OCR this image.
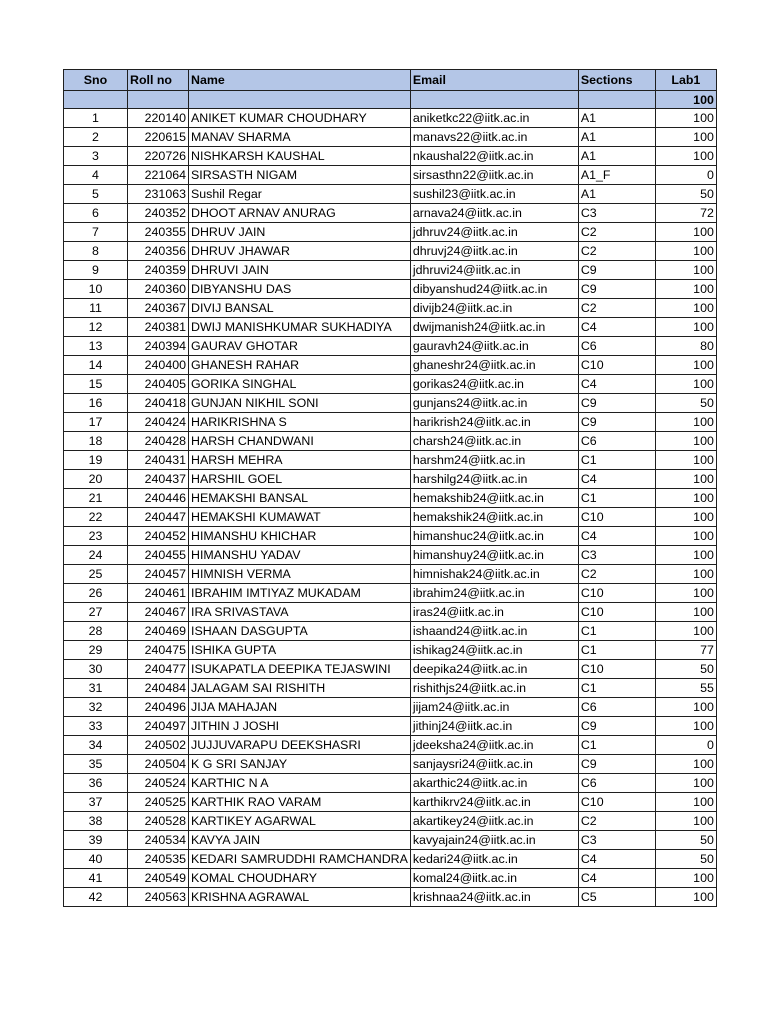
Sno	Roll no	Name	Email	Sections	Lab1
					100
1	220140	ANIKET KUMAR CHOUDHARY	aniketkc22@iitk.ac.in	A1	100
2	220615	MANAV SHARMA	manavs22@iitk.ac.in	A1	100
3	220726	NISHKARSH KAUSHAL	nkaushal22@iitk.ac.in	A1	100
4	221064	SIRSASTH NIGAM	sirsasthn22@iitk.ac.in	A1_F	0
5	231063	Sushil Regar	sushil23@iitk.ac.in	A1	50
6	240352	DHOOT ARNAV ANURAG	arnava24@iitk.ac.in	C3	72
7	240355	DHRUV JAIN	jdhruv24@iitk.ac.in	C2	100
8	240356	DHRUV JHAWAR	dhruvj24@iitk.ac.in	C2	100
9	240359	DHRUVI JAIN	jdhruvi24@iitk.ac.in	C9	100
10	240360	DIBYANSHU DAS	dibyanshud24@iitk.ac.in	C9	100
11	240367	DIVIJ BANSAL	divijb24@iitk.ac.in	C2	100
12	240381	DWIJ MANISHKUMAR SUKHADIYA	dwijmanish24@iitk.ac.in	C4	100
13	240394	GAURAV GHOTAR	gauravh24@iitk.ac.in	C6	80
14	240400	GHANESH RAHAR	ghaneshr24@iitk.ac.in	C10	100
15	240405	GORIKA SINGHAL	gorikas24@iitk.ac.in	C4	100
16	240418	GUNJAN NIKHIL SONI	gunjans24@iitk.ac.in	C9	50
17	240424	HARIKRISHNA S	harikrish24@iitk.ac.in	C9	100
18	240428	HARSH CHANDWANI	charsh24@iitk.ac.in	C6	100
19	240431	HARSH MEHRA	harshm24@iitk.ac.in	C1	100
20	240437	HARSHIL GOEL	harshilg24@iitk.ac.in	C4	100
21	240446	HEMAKSHI BANSAL	hemakshib24@iitk.ac.in	C1	100
22	240447	HEMAKSHI KUMAWAT	hemakshik24@iitk.ac.in	C10	100
23	240452	HIMANSHU KHICHAR	himanshuc24@iitk.ac.in	C4	100
24	240455	HIMANSHU YADAV	himanshuy24@iitk.ac.in	C3	100
25	240457	HIMNISH VERMA	himnishak24@iitk.ac.in	C2	100
26	240461	IBRAHIM IMTIYAZ MUKADAM	ibrahim24@iitk.ac.in	C10	100
27	240467	IRA SRIVASTAVA	iras24@iitk.ac.in	C10	100
28	240469	ISHAAN DASGUPTA	ishaand24@iitk.ac.in	C1	100
29	240475	ISHIKA GUPTA	ishikag24@iitk.ac.in	C1	77
30	240477	ISUKAPATLA DEEPIKA TEJASWINI	deepika24@iitk.ac.in	C10	50
31	240484	JALAGAM SAI RISHITH	rishithjs24@iitk.ac.in	C1	55
32	240496	JIJA MAHAJAN	jijam24@iitk.ac.in	C6	100
33	240497	JITHIN J JOSHI	jithinj24@iitk.ac.in	C9	100
34	240502	JUJJUVARAPU DEEKSHASRI	jdeeksha24@iitk.ac.in	C1	0
35	240504	K G SRI SANJAY	sanjaysri24@iitk.ac.in	C9	100
36	240524	KARTHIC N A	akarthic24@iitk.ac.in	C6	100
37	240525	KARTHIK RAO VARAM	karthikrv24@iitk.ac.in	C10	100
38	240528	KARTIKEY AGARWAL	akartikey24@iitk.ac.in	C2	100
39	240534	KAVYA JAIN	kavyajain24@iitk.ac.in	C3	50
40	240535	KEDARI SAMRUDDHI RAMCHANDRA	kedari24@iitk.ac.in	C4	50
41	240549	KOMAL CHOUDHARY	komal24@iitk.ac.in	C4	100
42	240563	KRISHNA AGRAWAL	krishnaa24@iitk.ac.in	C5	100
